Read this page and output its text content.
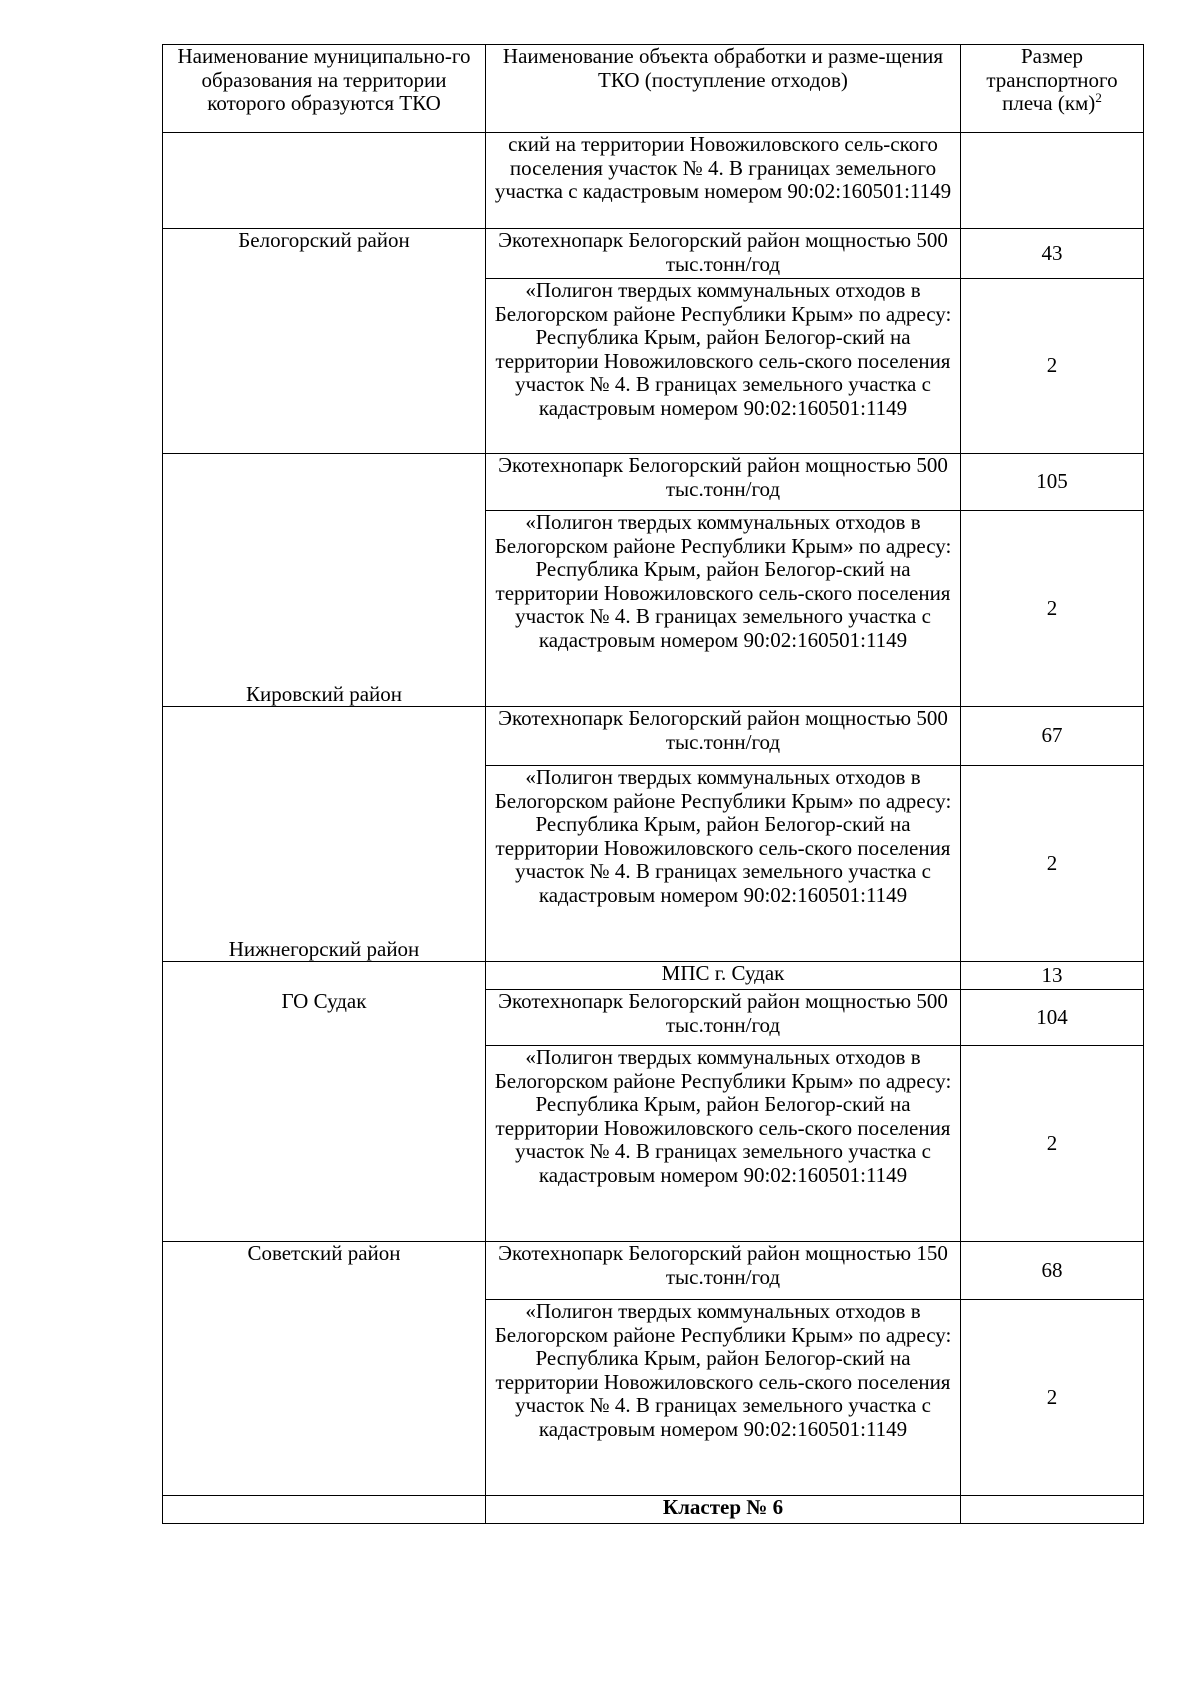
Наименование муниципально-го образования на территории которого образуются ТКО	Наименование объекта обработки и разме-щения ТКО (поступление отходов)	Размер транспортного плеча (км)$^2$

	ский на территории Новожиловского сель-ского поселения участок № 4. В границах земельного участка с кадастровым номером 90:02:160501:1149	

Белогорский район	Экотехнопарк Белогорский район мощностью 500 тыс.тонн/год	43

	«Полигон твердых коммунальных отходов в Белогорском районе Республики Крым» по адресу: Республика Крым, район Белогор-ский на территории Новожиловского сель-ского поселения участок № 4. В границах земельного участка с кадастровым номером 90:02:160501:1149	2
Кировский район	Экотехнопарк Белогорский район мощностью 500 тыс.тонн/год	105

	«Полигон твердых коммунальных отходов в Белогорском районе Республики Крым» по адресу: Республика Крым, район Белогор-ский на территории Новожиловского сель-ского поселения участок № 4. В границах земельного участка с кадастровым номером 90:02:160501:1149	2
Нижнегорский район	Экотехнопарк Белогорский район мощностью 500 тыс.тонн/год	67

	«Полигон твердых коммунальных отходов в Белогорском районе Республики Крым» по адресу: Республика Крым, район Белогор-ский на территории Новожиловского сель-ского поселения участок № 4. В границах земельного участка с кадастровым номером 90:02:160501:1149	2
ГО Судак	МПС г. Судак	13

	Экотехнопарк Белогорский район мощностью 500 тыс.тонн/год	104

	«Полигон твердых коммунальных отходов в Белогорском районе Республики Крым» по адресу: Республика Крым, район Белогор-ский на территории Новожиловского сель-ского поселения участок № 4. В границах земельного участка с кадастровым номером 90:02:160501:1149	2
Советский район	Экотехнопарк Белогорский район мощностью 150 тыс.тонн/год	68

	«Полигон твердых коммунальных отходов в Белогорском районе Республики Крым» по адресу: Республика Крым, район Белогор-ский на территории Новожиловского сель-ского поселения участок № 4. В границах земельного участка с кадастровым номером 90:02:160501:1149	2
	Кластер № 6	
